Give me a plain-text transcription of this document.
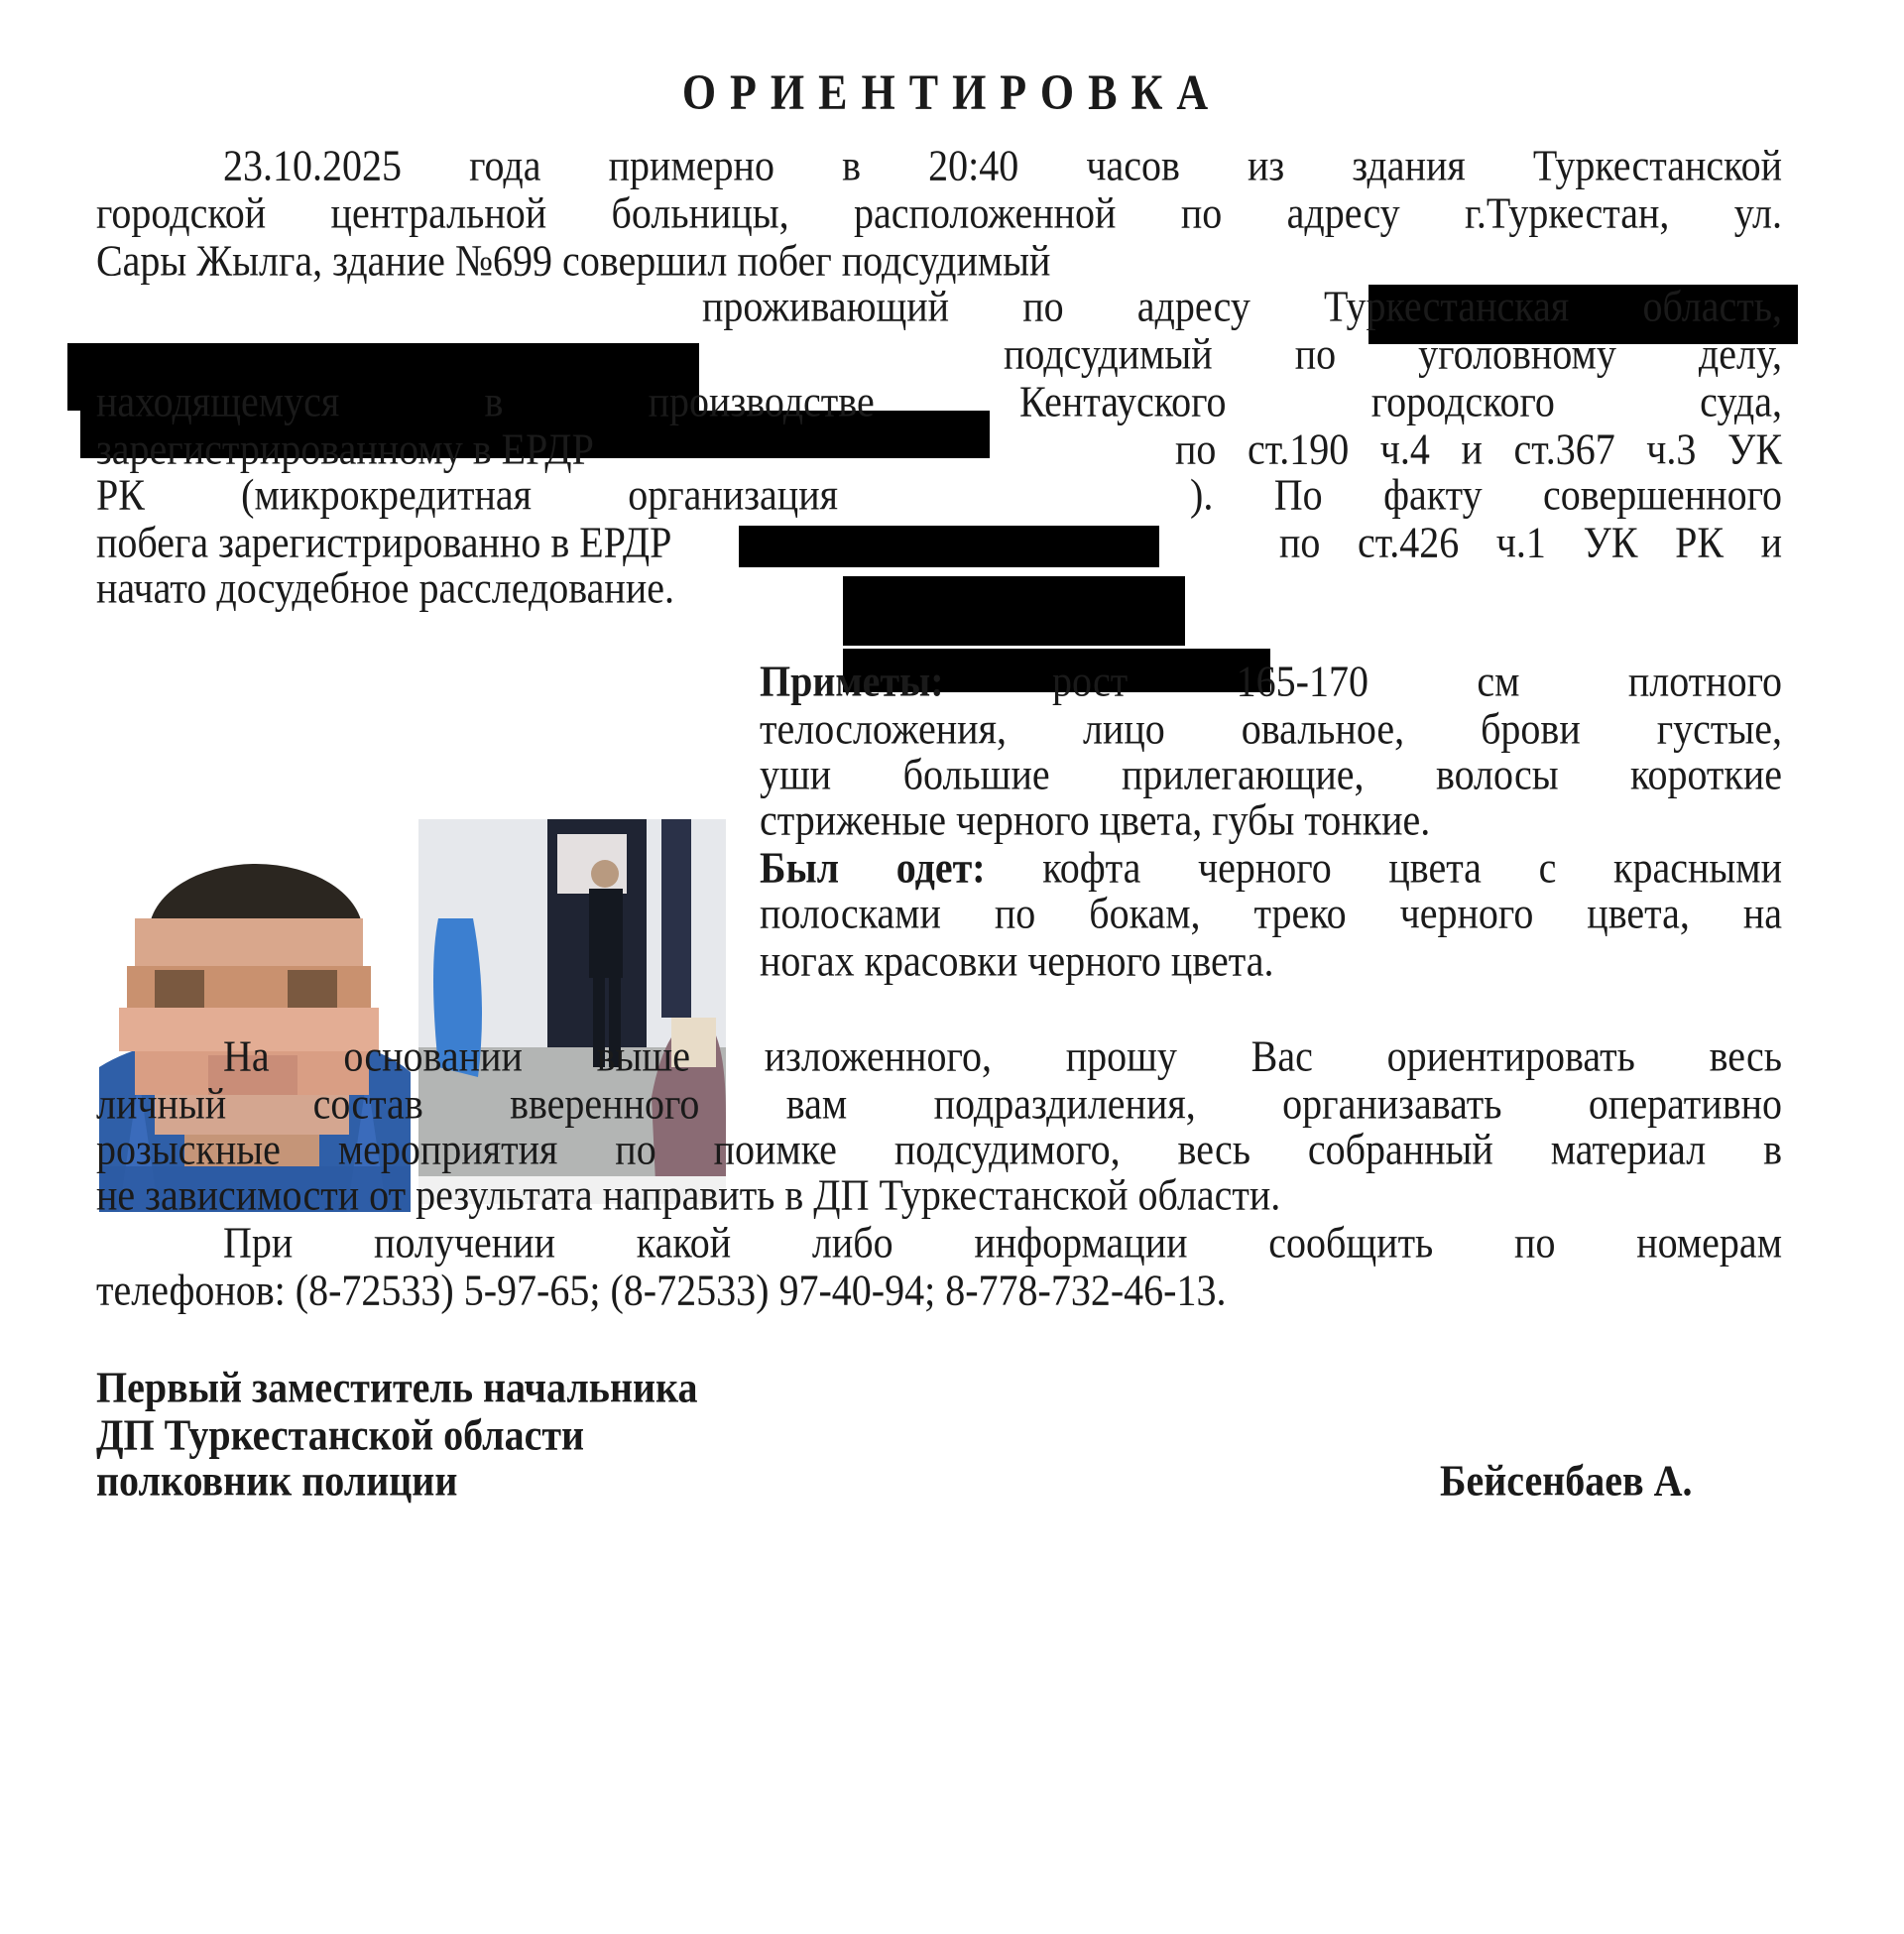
ОРИЕНТИРОВКА
23.10.2025 года примерно в 20:40 часов из здания Туркестанской
городской центральной больницы, расположенной по адресу г.Туркестан, ул.
Сары Жылга, здание №699 совершил побег подсудимый
проживающий по адресу Туркестанская область,
подсудимый по уголовному делу,
находящемуся в производстве Кентауского городского суда,
зарегистрированному в ЕРДР	по ст.190 ч.4 и ст.367 ч.3 УК
РК (микрокредитная организация	). По факту совершенного
побега зарегистрированно в ЕРДР	по ст.426 ч.1 УК РК и
начато досудебное расследование.
Приметы:	рост 165-170 см плотного
телосложения, лицо овальное, брови густые,
уши большие прилегающие, волосы короткие
стриженые черного цвета, губы тонкие.
Был одет: кофта черного цвета с красными
полосками по бокам, треко черного цвета, на
ногах красовки черного цвета.
На основании выше изложенного, прошу Вас ориентировать весь
личный состав вверенного вам подраздиления, организавать оперативно
розыскные мероприятия по поимке подсудимого, весь собранный материал в
не зависимости от результата направить в ДП Туркестанской области.
При получении какой либо информации сообщить по номерам
телефонов: (8-72533) 5-97-65; (8-72533) 97-40-94; 8-778-732-46-13.
Первый заместитель начальника
ДП Туркестанской области
полковник полиции	Бейсенбаев А.
